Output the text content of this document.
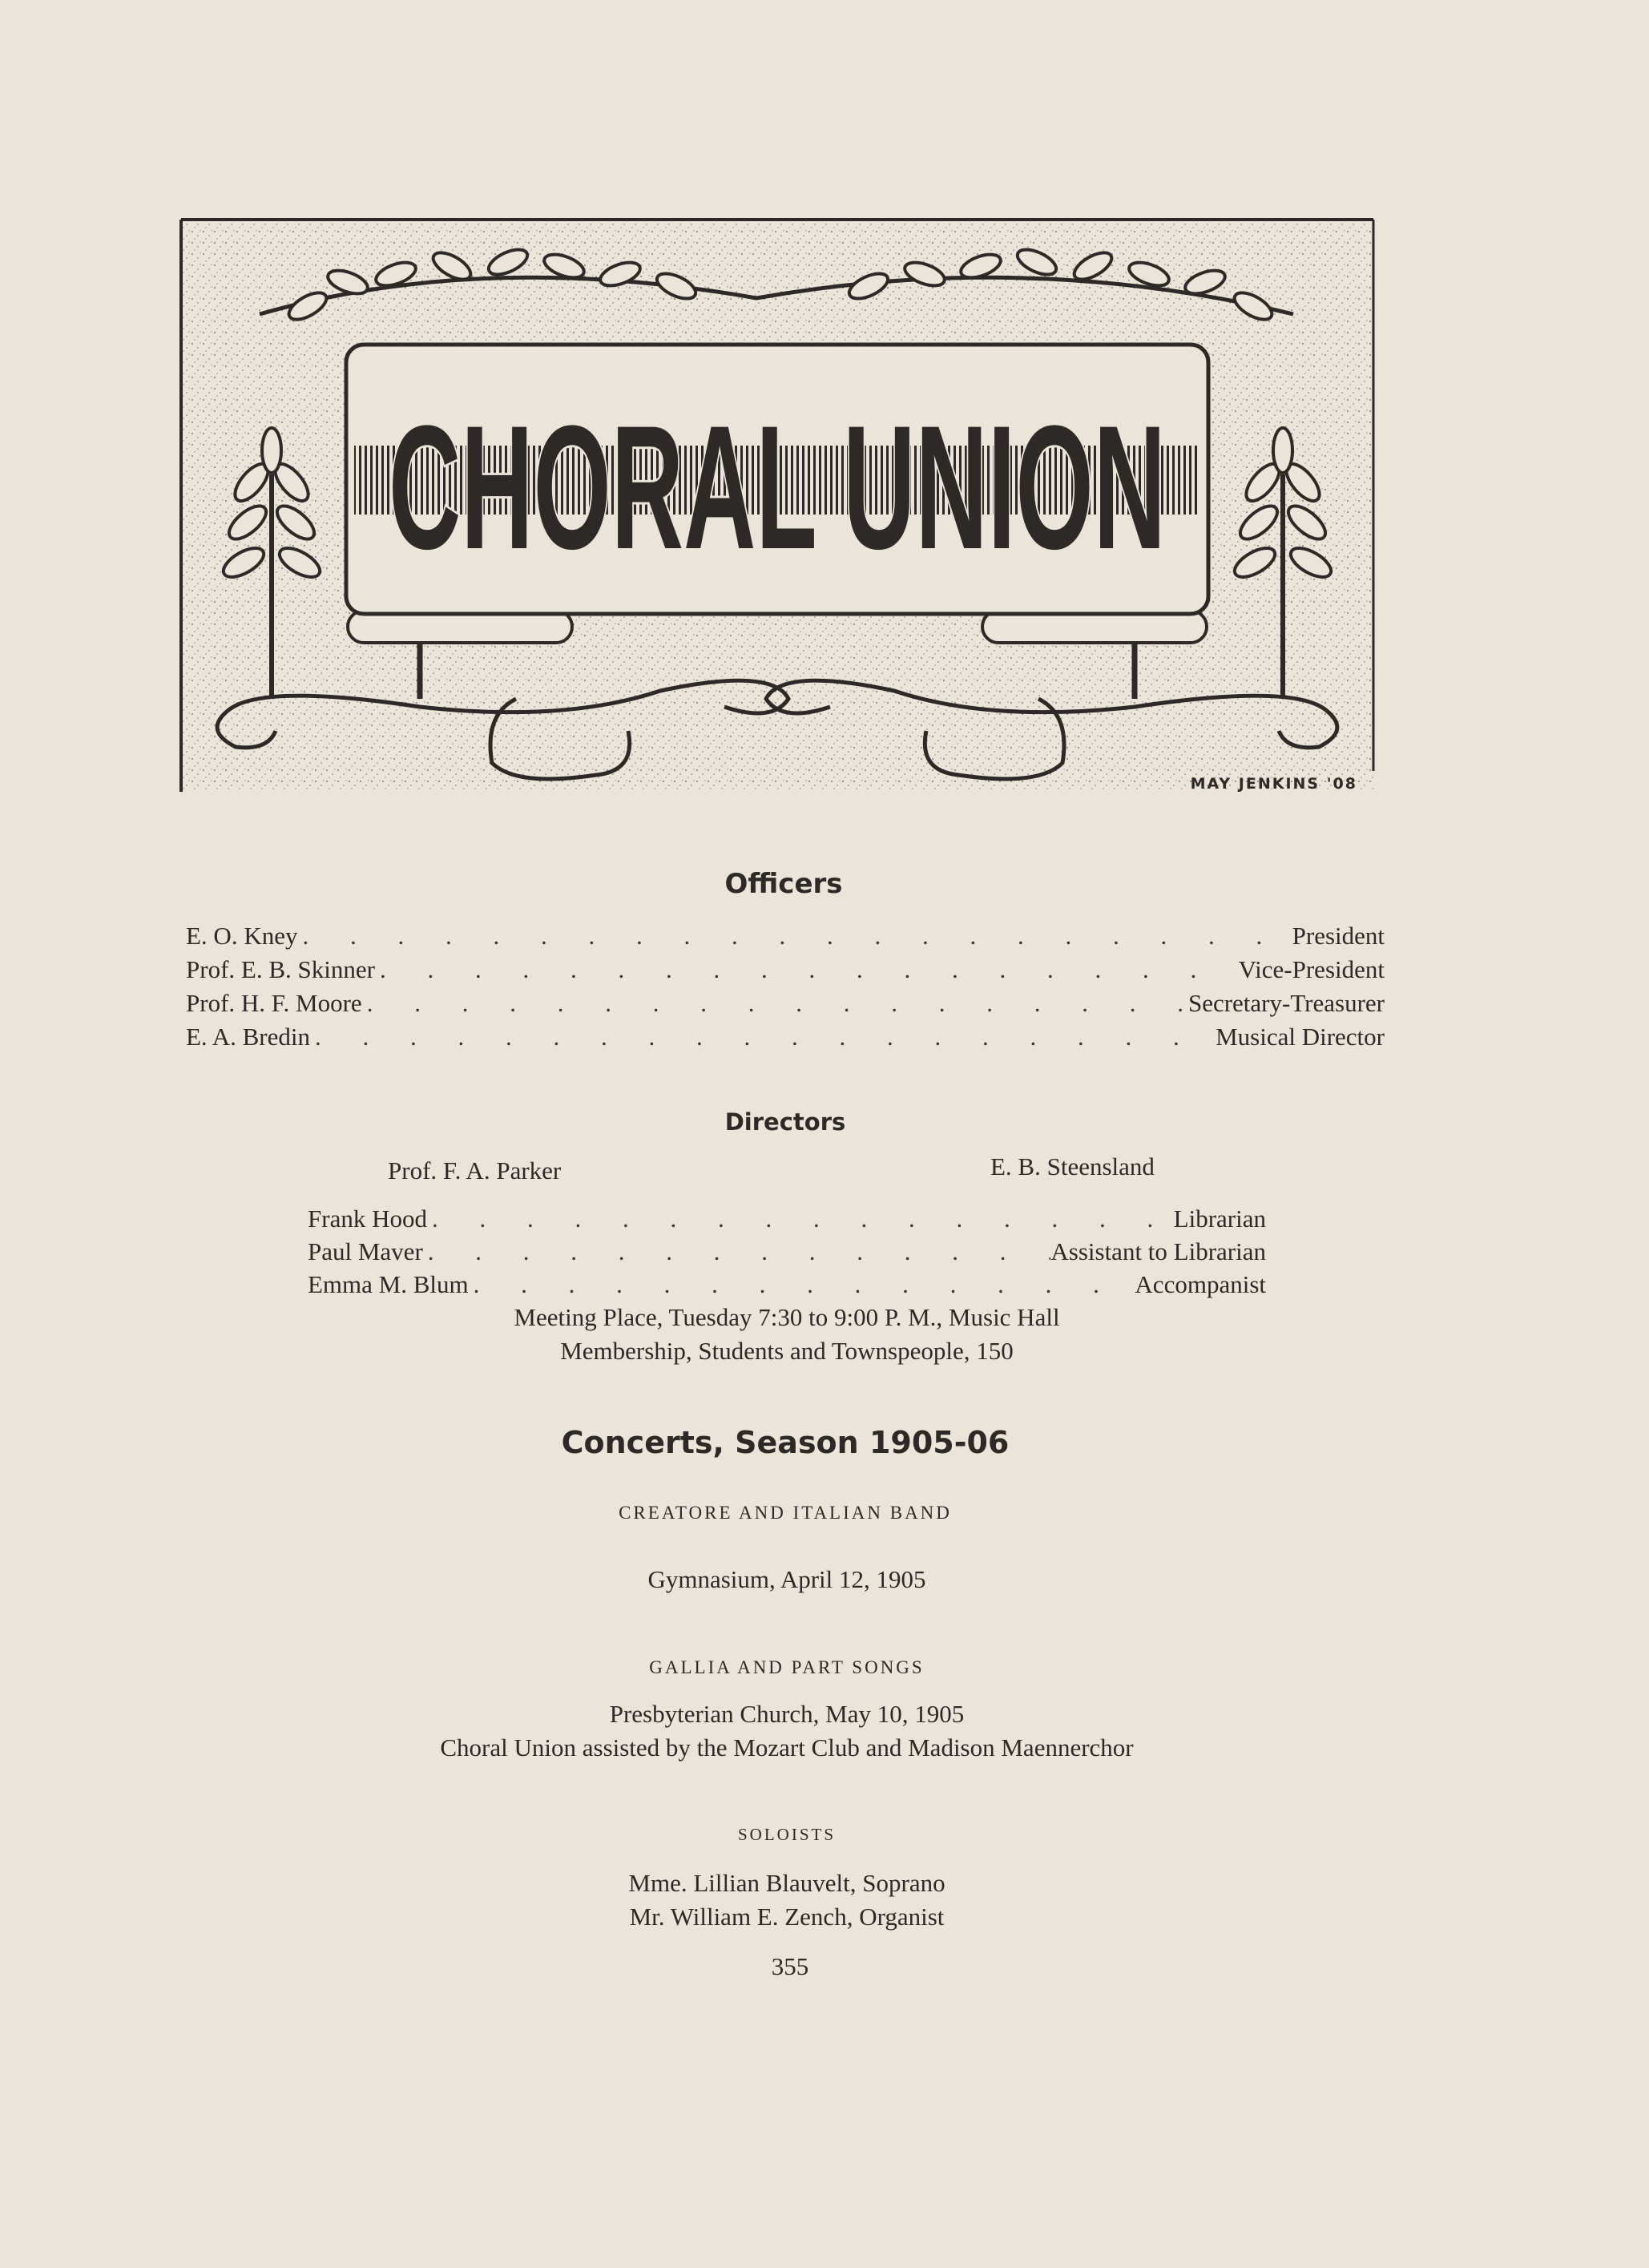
CHORAL UNION
MAY JENKINS '08
Officers
E. O. Kney . . .	President
Prof. E. B. Skinner . . .	Vice-President
Prof. H. F. Moore . . .	Secretary-Treasurer
E. A. Bredin . . .	Musical Director
Directors
Prof. F. A. Parker	E. B. Steensland
Frank Hood . . .	Librarian
Paul Maver . . .	Assistant to Librarian
Emma M. Blum . . .	Accompanist
Meeting Place, Tuesday 7:30 to 9:00 P. M., Music Hall
Membership, Students and Townspeople, 150
Concerts, Season 1905-06
CREATORE AND ITALIAN BAND
Gymnasium, April 12, 1905
GALLIA AND PART SONGS
Presbyterian Church, May 10, 1905
Choral Union assisted by the Mozart Club and Madison Maennerchor
SOLOISTS
Mme. Lillian Blauvelt, Soprano
Mr. William E. Zench, Organist
355
